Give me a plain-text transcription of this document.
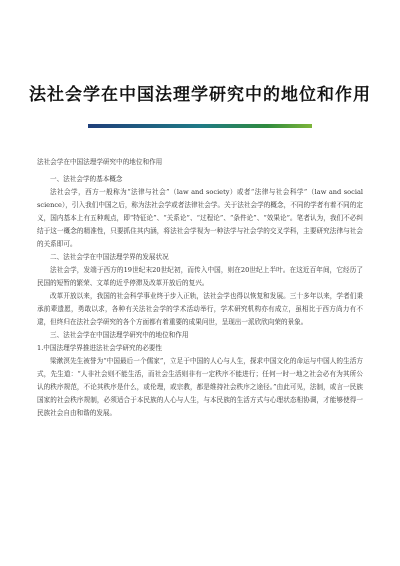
法社会学在中国法理学研究中的地位和作用

法社会学在中国法理学研究中的地位和作用

一、法社会学的基本概念

法社会学，西方一般称为“法律与社会”（law and society）或者“法律与社会科学”（law and social science），引入我们中国之后，称为法社会学或者法律社会学。关于法社会学的概念，不同的学者有着不同的定义，国内基本上有五种观点，即“特征论”、“关系论”、“过程论”、“条件论”、“效果论”。笔者认为，我们不必纠结于这一概念的精准性，只要抓住其内涵，将法社会学视为一种法学与社会学的交叉学科，主要研究法律与社会的关系即可。

二、法社会学在中国法理学界的发展状况

法社会学，发端于西方的19世纪末20世纪初，而传入中国，则在20世纪上半叶。在这近百年间，它经历了民国的短暂的繁荣、文革的近乎停滞及改革开放后的复兴。

改革开放以来，我国的社会科学事业终于步入正轨，法社会学也得以恢复和发展。三十多年以来，学者们秉承前辈遗愿，勇敢以求，各种有关法社会学的学术活动举行，学术研究机构亦有成立，虽相比于西方尚力有不逮，但终归在法社会学研究的各个方面都有着重要的成果问世，呈现出一派欣欣向荣的景象。

三、法社会学在中国法理学研究中的地位和作用

1.中国法理学界推进法社会学研究的必要性

梁漱溟先生被誉为“中国最后一个儒家”，立足于中国的人心与人生，探求中国文化的命运与中国人的生活方式，先生道：“人非社会则不能生活，而社会生活则非有一定秩序不能进行；任何一时一地之社会必有为其所公认的秩序规范，不论其秩序是什么，或伦理，或宗教，都是维持社会秩序之途径。”由此可见，法制，或言一民族国家的社会秩序规制，必须适合于本民族的人心与人生，与本民族的生活方式与心理状态相协调，才能够使得一民族社会自由和谐的发展。
